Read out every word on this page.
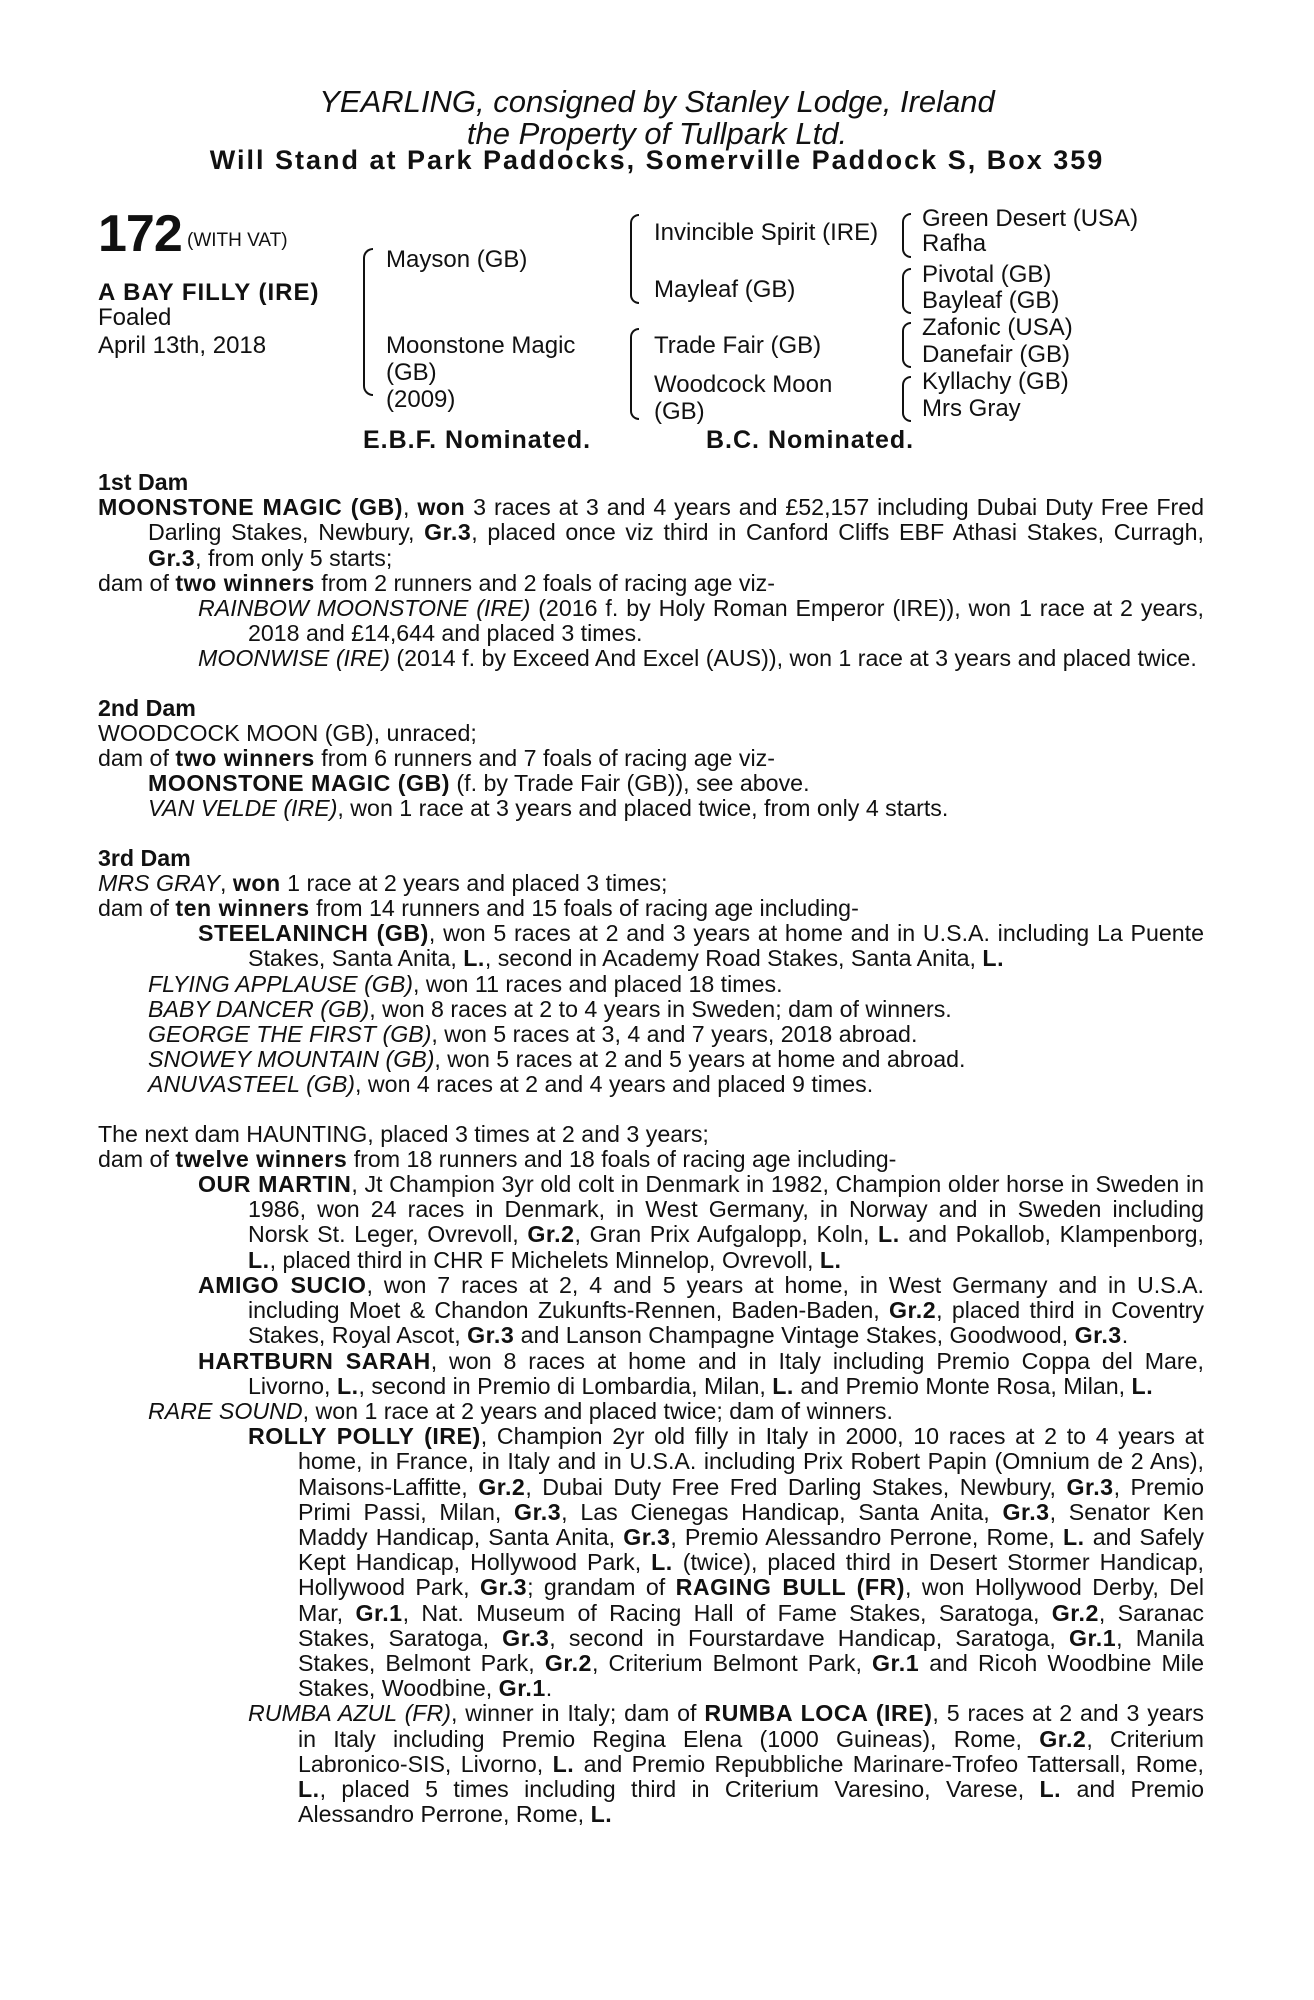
YEARLING, consigned by Stanley Lodge, Ireland
the Property of Tullpark Ltd.
Will Stand at Park Paddocks, Somerville Paddock S, Box 359
172 (WITH VAT)
A BAY FILLY (IRE)
Foaled
April 13th, 2018
Mayson (GB)
Moonstone Magic
(GB)
(2009)
Invincible Spirit (IRE)
Mayleaf (GB)
Trade Fair (GB)
Woodcock Moon
(GB)
Green Desert (USA)
Rafha
Pivotal (GB)
Bayleaf (GB)
Zafonic (USA)
Danefair (GB)
Kyllachy (GB)
Mrs Gray
E.B.F. Nominated.	B.C. Nominated.
1st Dam
MOONSTONE MAGIC (GB), won 3 races at 3 and 4 years and £52,157 including Dubai Duty Free Fred Darling Stakes, Newbury, Gr.3, placed once viz third in Canford Cliffs EBF Athasi Stakes, Curragh, Gr.3, from only 5 starts;
dam of two winners from 2 runners and 2 foals of racing age viz-
RAINBOW MOONSTONE (IRE) (2016 f. by Holy Roman Emperor (IRE)), won 1 race at 2 years, 2018 and £14,644 and placed 3 times.
MOONWISE (IRE) (2014 f. by Exceed And Excel (AUS)), won 1 race at 3 years and placed twice.
2nd Dam
WOODCOCK MOON (GB), unraced;
dam of two winners from 6 runners and 7 foals of racing age viz-
MOONSTONE MAGIC (GB) (f. by Trade Fair (GB)), see above.
VAN VELDE (IRE), won 1 race at 3 years and placed twice, from only 4 starts.
3rd Dam
MRS GRAY, won 1 race at 2 years and placed 3 times;
dam of ten winners from 14 runners and 15 foals of racing age including-
STEELANINCH (GB), won 5 races at 2 and 3 years at home and in U.S.A. including La Puente Stakes, Santa Anita, L., second in Academy Road Stakes, Santa Anita, L.
FLYING APPLAUSE (GB), won 11 races and placed 18 times.
BABY DANCER (GB), won 8 races at 2 to 4 years in Sweden; dam of winners.
GEORGE THE FIRST (GB), won 5 races at 3, 4 and 7 years, 2018 abroad.
SNOWEY MOUNTAIN (GB), won 5 races at 2 and 5 years at home and abroad.
ANUVASTEEL (GB), won 4 races at 2 and 4 years and placed 9 times.
The next dam HAUNTING, placed 3 times at 2 and 3 years;
dam of twelve winners from 18 runners and 18 foals of racing age including-
OUR MARTIN, Jt Champion 3yr old colt in Denmark in 1982, Champion older horse in Sweden in 1986, won 24 races in Denmark, in West Germany, in Norway and in Sweden including Norsk St. Leger, Ovrevoll, Gr.2, Gran Prix Aufgalopp, Koln, L. and Pokallob, Klampenborg, L., placed third in CHR F Michelets Minnelop, Ovrevoll, L.
AMIGO SUCIO, won 7 races at 2, 4 and 5 years at home, in West Germany and in U.S.A. including Moet & Chandon Zukunfts-Rennen, Baden-Baden, Gr.2, placed third in Coventry Stakes, Royal Ascot, Gr.3 and Lanson Champagne Vintage Stakes, Goodwood, Gr.3.
HARTBURN SARAH, won 8 races at home and in Italy including Premio Coppa del Mare, Livorno, L., second in Premio di Lombardia, Milan, L. and Premio Monte Rosa, Milan, L.
RARE SOUND, won 1 race at 2 years and placed twice; dam of winners.
ROLLY POLLY (IRE), Champion 2yr old filly in Italy in 2000, 10 races at 2 to 4 years at home, in France, in Italy and in U.S.A. including Prix Robert Papin (Omnium de 2 Ans), Maisons-Laffitte, Gr.2, Dubai Duty Free Fred Darling Stakes, Newbury, Gr.3, Premio Primi Passi, Milan, Gr.3, Las Cienegas Handicap, Santa Anita, Gr.3, Senator Ken Maddy Handicap, Santa Anita, Gr.3, Premio Alessandro Perrone, Rome, L. and Safely Kept Handicap, Hollywood Park, L. (twice), placed third in Desert Stormer Handicap, Hollywood Park, Gr.3; grandam of RAGING BULL (FR), won Hollywood Derby, Del Mar, Gr.1, Nat. Museum of Racing Hall of Fame Stakes, Saratoga, Gr.2, Saranac Stakes, Saratoga, Gr.3, second in Fourstardave Handicap, Saratoga, Gr.1, Manila Stakes, Belmont Park, Gr.2, Criterium Belmont Park, Gr.1 and Ricoh Woodbine Mile Stakes, Woodbine, Gr.1.
RUMBA AZUL (FR), winner in Italy; dam of RUMBA LOCA (IRE), 5 races at 2 and 3 years in Italy including Premio Regina Elena (1000 Guineas), Rome, Gr.2, Criterium Labronico-SIS, Livorno, L. and Premio Repubbliche Marinare-Trofeo Tattersall, Rome, L., placed 5 times including third in Criterium Varesino, Varese, L. and Premio Alessandro Perrone, Rome, L.
